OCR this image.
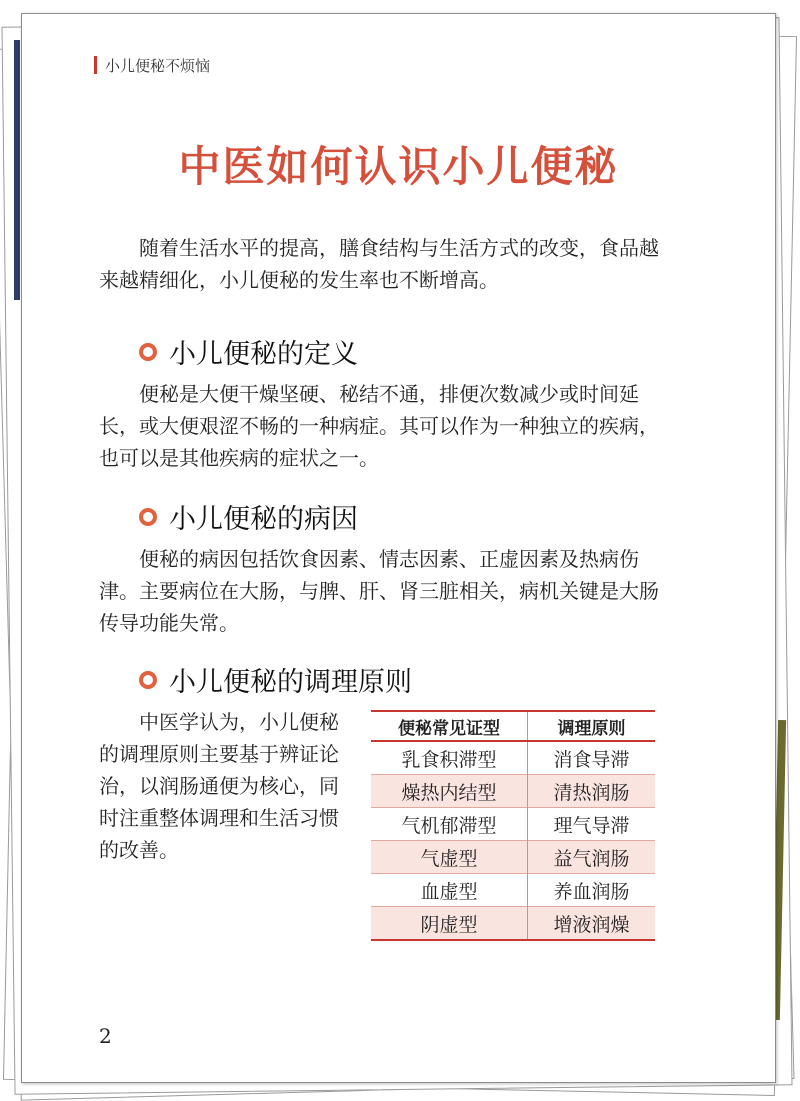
小儿便秘不烦恼
中医如何认识小儿便秘

随着生活水平的提高，膳食结构与生活方式的改变，食品越来越精细化，小儿便秘的发生率也不断增高。

小儿便秘的定义

便秘是大便干燥坚硬、秘结不通，排便次数减少或时间延长，或大便艰涩不畅的一种病症。其可以作为一种独立的疾病，也可以是其他疾病的症状之一。

小儿便秘的病因

便秘的病因包括饮食因素、情志因素、正虚因素及热病伤津。主要病位在大肠，与脾、肝、肾三脏相关，病机关键是大肠传导功能失常。

小儿便秘的调理原则

中医学认为，小儿便秘的调理原则主要基于辨证论治，以润肠通便为核心，同时注重整体调理和生活习惯的改善。

便秘常见证型	调理原则
乳食积滞型	消食导滞
燥热内结型	清热润肠
气机郁滞型	理气导滞
气虚型	益气润肠
血虚型	养血润肠
阴虚型	增液润燥
2
